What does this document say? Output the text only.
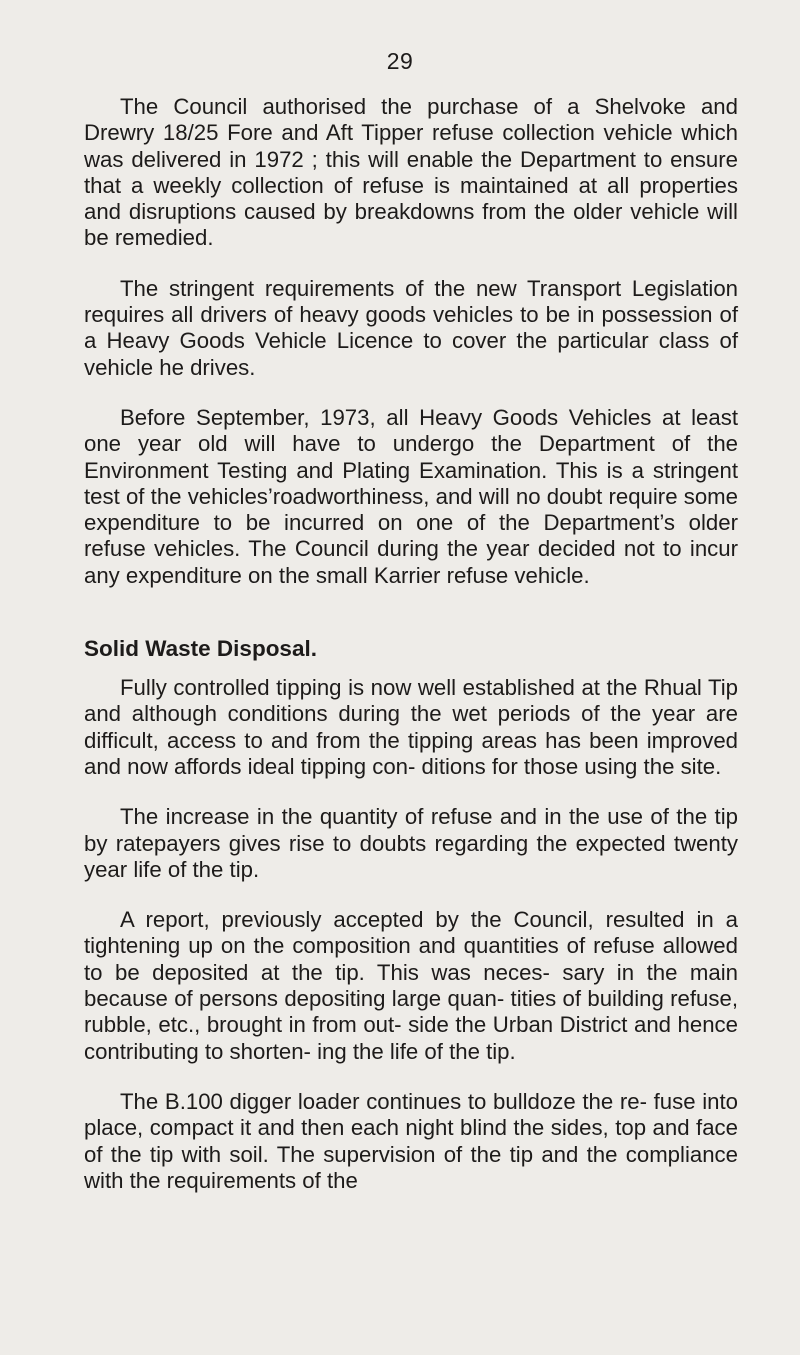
29

The Council authorised the purchase of a Shelvoke and Drewry 18/25 Fore and Aft Tipper refuse collection vehicle which was delivered in 1972 ; this will enable the Department to ensure that a weekly collection of refuse is maintained at all properties and disruptions caused by breakdowns from the older vehicle will be remedied.

The stringent requirements of the new Transport Legislation requires all drivers of heavy goods vehicles to be in possession of a Heavy Goods Vehicle Licence to cover the particular class of vehicle he drives.

Before September, 1973, all Heavy Goods Vehicles at least one year old will have to undergo the Department of the Environment Testing and Plating Examination. This is a stringent test of the vehicles’roadworthiness, and will no doubt require some expenditure to be incurred on one of the Department’s older refuse vehicles. The Council during the year decided not to incur any expenditure on the small Karrier refuse vehicle.

Solid Waste Disposal.

Fully controlled tipping is now well established at the Rhual Tip and although conditions during the wet periods of the year are difficult, access to and from the tipping areas has been improved and now affords ideal tipping con- ditions for those using the site.

The increase in the quantity of refuse and in the use of the tip by ratepayers gives rise to doubts regarding the expected twenty year life of the tip.

A report, previously accepted by the Council, resulted in a tightening up on the composition and quantities of refuse allowed to be deposited at the tip. This was neces- sary in the main because of persons depositing large quan- tities of building refuse, rubble, etc., brought in from out- side the Urban District and hence contributing to shorten- ing the life of the tip.

The B.100 digger loader continues to bulldoze the re- fuse into place, compact it and then each night blind the sides, top and face of the tip with soil. The supervision of the tip and the compliance with the requirements of the
